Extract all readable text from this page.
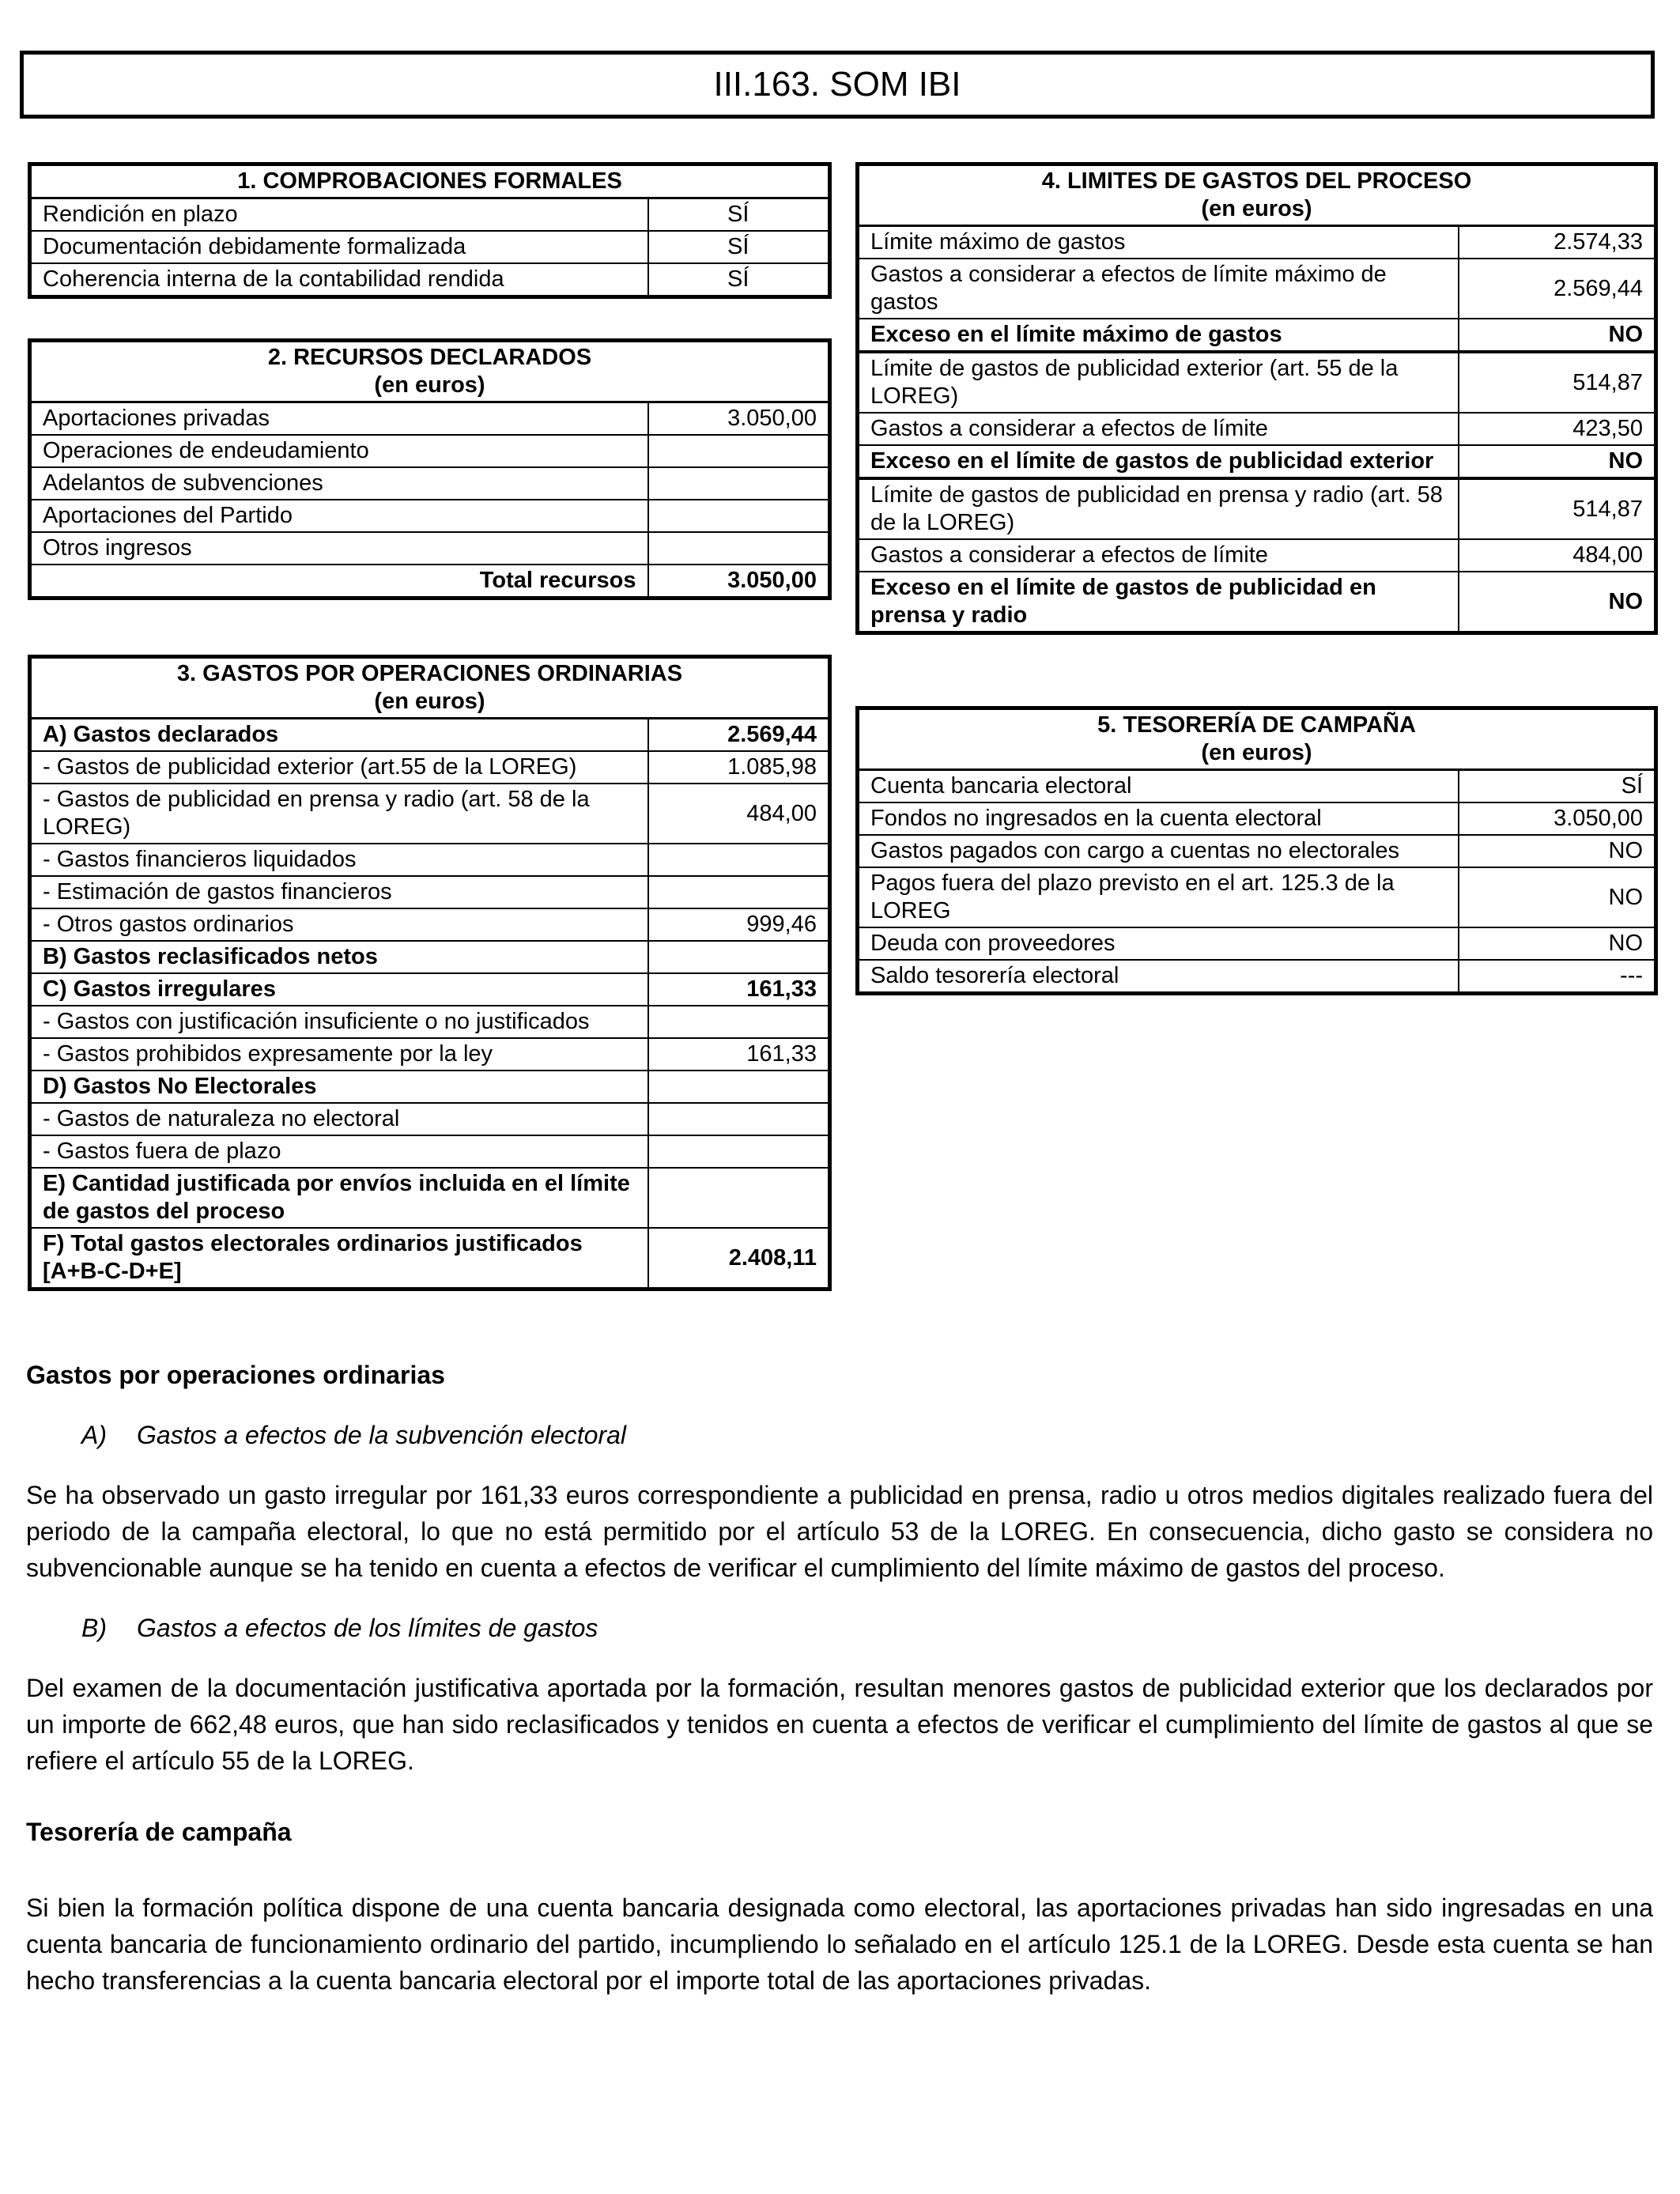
III.163. SOM IBI
1. COMPROBACIONES FORMALES	
Rendición en plazo	SÍ
Documentación debidamente formalizada	SÍ
Coherencia interna de la contabilidad rendida	SÍ
2. RECURSOS DECLARADOS
(en euros)	
Aportaciones privadas	3.050,00
Operaciones de endeudamiento	
Adelantos de subvenciones	
Aportaciones del Partido	
Otros ingresos	
Total recursos	3.050,00
3. GASTOS POR OPERACIONES ORDINARIAS
(en euros)	
A) Gastos declarados	2.569,44
- Gastos de publicidad exterior (art.55 de la LOREG)	1.085,98
- Gastos de publicidad en prensa y radio (art. 58 de la LOREG)	484,00
- Gastos financieros liquidados	
- Estimación de gastos financieros	
- Otros gastos ordinarios	999,46
B) Gastos reclasificados netos	
C) Gastos irregulares	161,33
- Gastos con justificación insuficiente o no justificados	
- Gastos prohibidos expresamente por la ley	161,33
D) Gastos No Electorales	
- Gastos de naturaleza no electoral	
- Gastos fuera de plazo	
E) Cantidad justificada por envíos incluida en el límite de gastos del proceso	
F) Total gastos electorales ordinarios justificados [A+B-C-D+E]	2.408,11
4. LIMITES DE GASTOS DEL PROCESO
(en euros)	
Límite máximo de gastos	2.574,33
Gastos a considerar a efectos de límite máximo de gastos	2.569,44
Exceso en el límite máximo de gastos	NO
Límite de gastos de publicidad exterior (art. 55 de la LOREG)	514,87
Gastos a considerar a efectos de límite	423,50
Exceso en el límite de gastos de publicidad exterior	NO
Límite de gastos de publicidad en prensa y radio (art. 58 de la LOREG)	514,87
Gastos a considerar a efectos de límite	484,00
Exceso en el límite de gastos de publicidad en prensa y radio	NO
5. TESORERÍA DE CAMPAÑA
(en euros)	
Cuenta bancaria electoral	SÍ
Fondos no ingresados en la cuenta electoral	3.050,00
Gastos pagados con cargo a cuentas no electorales	NO
Pagos fuera del plazo previsto en el art. 125.3 de la LOREG	NO
Deuda con proveedores	NO
Saldo tesorería electoral	---

Gastos por operaciones ordinarias

A) Gastos a efectos de la subvención electoral

Se ha observado un gasto irregular por 161,33 euros correspondiente a publicidad en prensa, radio u otros medios digitales realizado fuera del periodo de la campaña electoral, lo que no está permitido por el artículo 53 de la LOREG. En consecuencia, dicho gasto se considera no subvencionable aunque se ha tenido en cuenta a efectos de verificar el cumplimiento del límite máximo de gastos del proceso.

B) Gastos a efectos de los límites de gastos

Del examen de la documentación justificativa aportada por la formación, resultan menores gastos de publicidad exterior que los declarados por un importe de 662,48 euros, que han sido reclasificados y tenidos en cuenta a efectos de verificar el cumplimiento del límite de gastos al que se refiere el artículo 55 de la LOREG.

Tesorería de campaña

Si bien la formación política dispone de una cuenta bancaria designada como electoral, las aportaciones privadas han sido ingresadas en una cuenta bancaria de funcionamiento ordinario del partido, incumpliendo lo señalado en el artículo 125.1 de la LOREG. Desde esta cuenta se han hecho transferencias a la cuenta bancaria electoral por el importe total de las aportaciones privadas.
